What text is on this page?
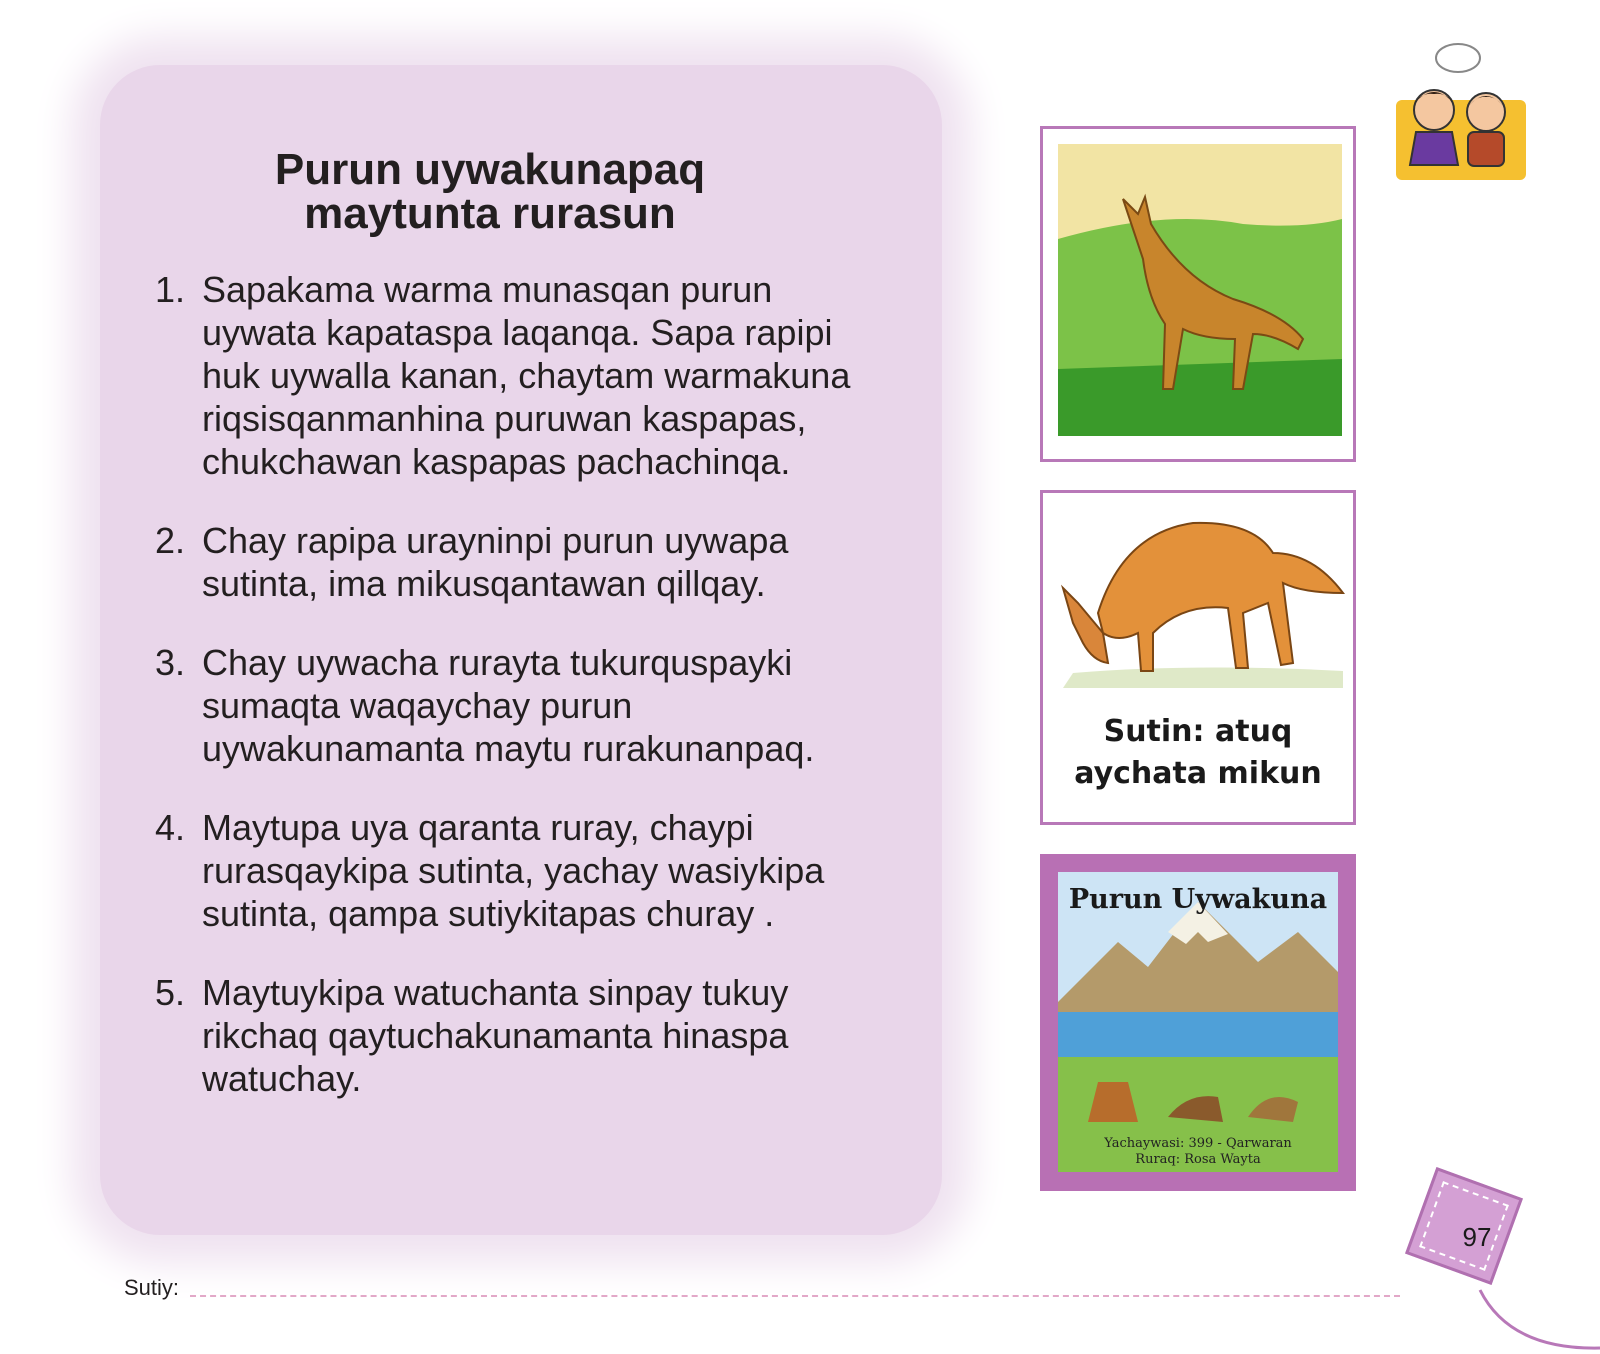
Purun uywakunapaq
maytunta rurasun
1. Sapakama warma munasqan purun uywata kapataspa laqanqa. Sapa rapipi huk uywalla kanan, chaytam warmakuna riqsisqanmanhina puruwan kaspapas, chukchawan kaspapas pachachinqa.
2. Chay rapipa urayninpi purun uywapa sutinta, ima mikusqantawan qillqay.
3. Chay uywacha rurayta tukurquspayki sumaqta waqaychay purun uywakunamanta maytu rurakunanpaq.
4. Maytupa uya qaranta ruray, chaypi rurasqaykipa sutinta, yachay wasiykipa sutinta, qampa sutiykitapas churay .
5. Maytuykipa watuchanta sinpay tukuy rikchaq qaytuchakunamanta hinaspa watuchay.
Sutin: atuq
aychata mikun
Purun Uywakuna
Yachaywasi: 399 - Qarwaran
Ruraq: Rosa Wayta
Sutiy:
97
